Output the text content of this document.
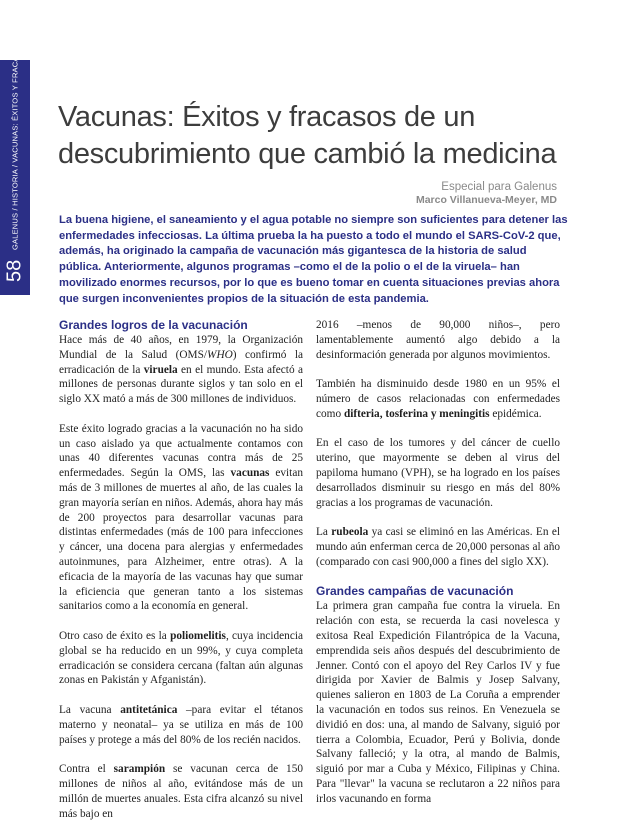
GALENUS / HISTORIA / VACUNAS: ÉXITOS Y FRACASOS
58
Vacunas: Éxitos y fracasos de un descubrimiento que cambió la medicina
Especial para Galenus
Marco Villanueva-Meyer, MD

La buena higiene, el saneamiento y el agua potable no siempre son suficientes para detener las enfermedades infecciosas. La última prueba la ha puesto a todo el mundo el SARS-CoV-2 que, además, ha originado la campaña de vacunación más gigantesca de la historia de salud pública. Anteriormente, algunos programas –como el de la polio o el de la viruela– han movilizado enormes recursos, por lo que es bueno tomar en cuenta situaciones previas ahora que surgen inconvenientes propios de la situación de esta pandemia.

Grandes logros de la vacunación

Hace más de 40 años, en 1979, la Organización Mundial de la Salud (OMS/WHO) confirmó la erradicación de la viruela en el mundo. Esta afectó a millones de personas durante siglos y tan solo en el siglo XX mató a más de 300 millones de individuos.

Este éxito logrado gracias a la vacunación no ha sido un caso aislado ya que actualmente contamos con unas 40 diferentes vacunas contra más de 25 enfermedades. Según la OMS, las vacunas evitan más de 3 millones de muertes al año, de las cuales la gran mayoría serían en niños. Además, ahora hay más de 200 proyectos para desarrollar vacunas para distintas enfermedades (más de 100 para infecciones y cáncer, una docena para alergias y enfermedades autoinmunes, para Alzheimer, entre otras). A la eficacia de la mayoría de las vacunas hay que sumar la eficiencia que generan tanto a los sistemas sanitarios como a la economía en general.

Otro caso de éxito es la poliomelitis, cuya incidencia global se ha reducido en un 99%, y cuya completa erradicación se considera cercana (faltan aún algunas zonas en Pakistán y Afganistán).

La vacuna antitetánica –para evitar el tétanos materno y neonatal– ya se utiliza en más de 100 países y protege a más del 80% de los recién nacidos.

Contra el sarampión se vacunan cerca de 150 millones de niños al año, evitándose más de un millón de muertes anuales. Esta cifra alcanzó su nivel más bajo en

2016 –menos de 90,000 niños–, pero lamentablemente aumentó algo debido a la desinformación generada por algunos movimientos.

También ha disminuido desde 1980 en un 95% el número de casos relacionadas con enfermedades como difteria, tosferina y meningitis epidémica.

En el caso de los tumores y del cáncer de cuello uterino, que mayormente se deben al virus del papiloma humano (VPH), se ha logrado en los países desarrollados disminuir su riesgo en más del 80% gracias a los programas de vacunación.

La rubeola ya casi se eliminó en las Américas. En el mundo aún enferman cerca de 20,000 personas al año (comparado con casi 900,000 a fines del siglo XX).

Grandes campañas de vacunación

La primera gran campaña fue contra la viruela. En relación con esta, se recuerda la casi novelesca y exitosa Real Expedición Filantrópica de la Vacuna, emprendida seis años después del descubrimiento de Jenner. Contó con el apoyo del Rey Carlos IV y fue dirigida por Xavier de Balmis y Josep Salvany, quienes salieron en 1803 de La Coruña a emprender la vacunación en todos sus reinos. En Venezuela se dividió en dos: una, al mando de Salvany, siguió por tierra a Colombia, Ecuador, Perú y Bolivia, donde Salvany falleció; y la otra, al mando de Balmis, siguió por mar a Cuba y México, Filipinas y China. Para "llevar" la vacuna se reclutaron a 22 niños para irlos vacunando en forma
